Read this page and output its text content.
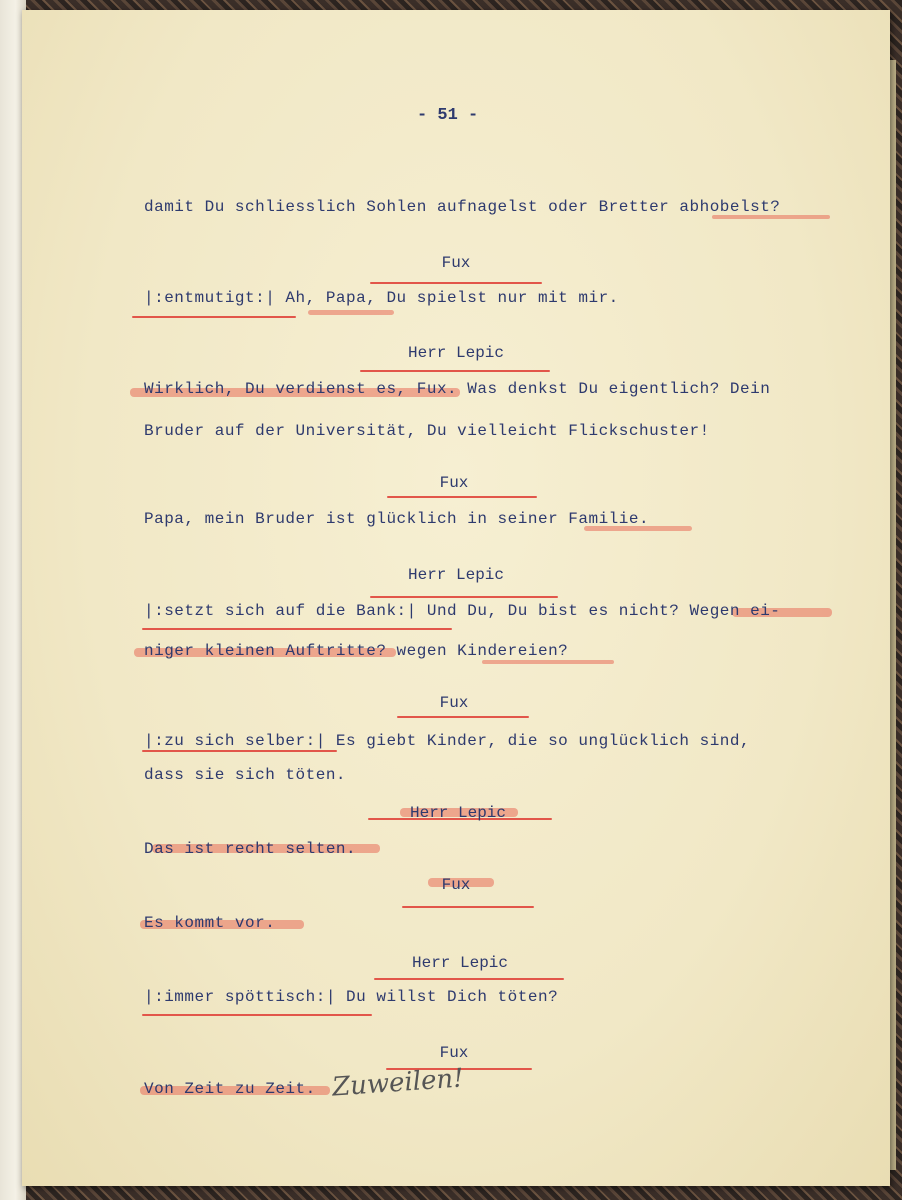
- 51 -
damit Du schliesslich Sohlen aufnagelst oder Bretter abhobelst?
Fux
|:entmutigt:| Ah, Papa, Du spielst nur mit mir.
Herr Lepic
Wirklich, Du verdienst es, Fux. Was denkst Du eigentlich? Dein
Bruder auf der Universität, Du vielleicht Flickschuster!
Fux
Papa, mein Bruder ist glücklich in seiner Familie.
Herr Lepic
|:setzt sich auf die Bank:| Und Du, Du bist es nicht? Wegen ei-
niger kleinen Auftritte? wegen Kindereien?
Fux
|:zu sich selber:| Es giebt Kinder, die so unglücklich sind,
dass sie sich töten.
Herr Lepic
Das ist recht selten.
Fux
Es kommt vor.
Herr Lepic
|:immer spöttisch:| Du willst Dich töten?
Fux
Von Zeit zu Zeit. Zuweilen!
